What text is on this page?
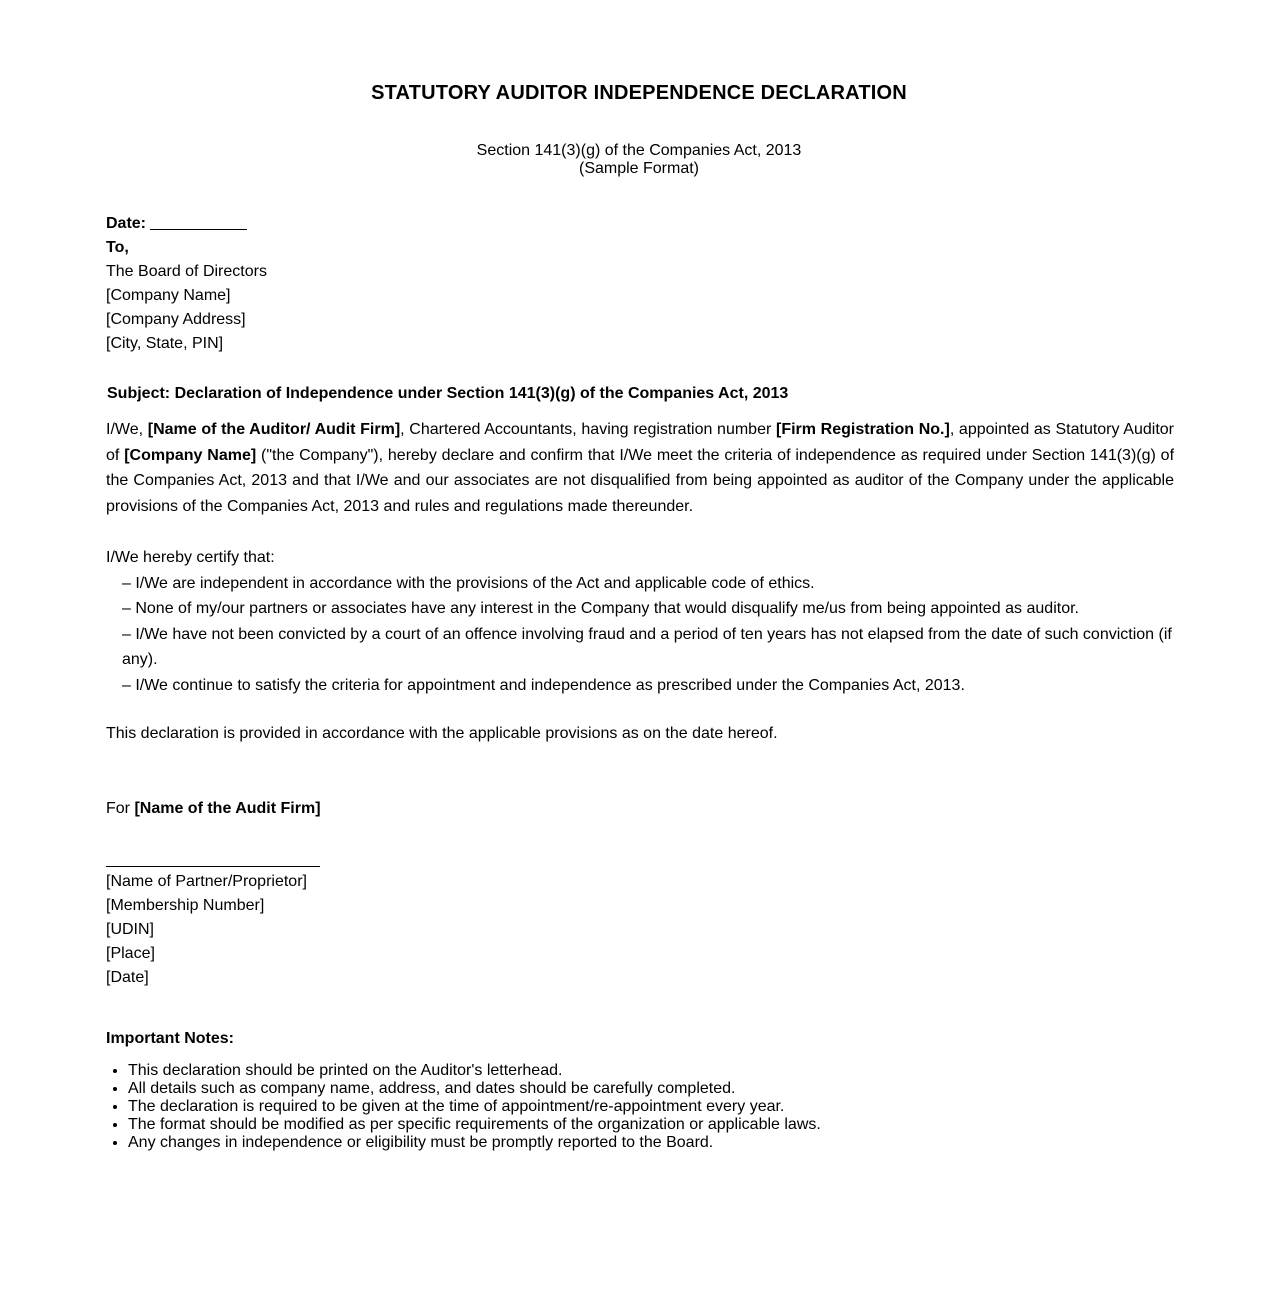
STATUTORY AUDITOR INDEPENDENCE DECLARATION
Section 141(3)(g) of the Companies Act, 2013
(Sample Format)
Date:
To,
The Board of Directors
[Company Name]
[Company Address]
[City, State, PIN]
Subject: Declaration of Independence under Section 141(3)(g) of the Companies Act, 2013
I/We, [Name of the Auditor/ Audit Firm], Chartered Accountants, having registration number [Firm Registration No.], appointed as Statutory Auditor of [Company Name] ("the Company"), hereby declare and confirm that I/We meet the criteria of independence as required under Section 141(3)(g) of the Companies Act, 2013 and that I/We and our associates are not disqualified from being appointed as auditor of the Company under the applicable provisions of the Companies Act, 2013 and rules and regulations made thereunder.
I/We hereby certify that:
– I/We are independent in accordance with the provisions of the Act and applicable code of ethics.
– None of my/our partners or associates have any interest in the Company that would disqualify me/us from being appointed as auditor.
– I/We have not been convicted by a court of an offence involving fraud and a period of ten years has not elapsed from the date of such conviction (if any).
– I/We continue to satisfy the criteria for appointment and independence as prescribed under the Companies Act, 2013.
This declaration is provided in accordance with the applicable provisions as on the date hereof.
For [Name of the Audit Firm]
[Name of Partner/Proprietor]
[Membership Number]
[UDIN]
[Place]
[Date]
Important Notes:
• This declaration should be printed on the Auditor's letterhead.
• All details such as company name, address, and dates should be carefully completed.
• The declaration is required to be given at the time of appointment/re-appointment every year.
• The format should be modified as per specific requirements of the organization or applicable laws.
• Any changes in independence or eligibility must be promptly reported to the Board.
